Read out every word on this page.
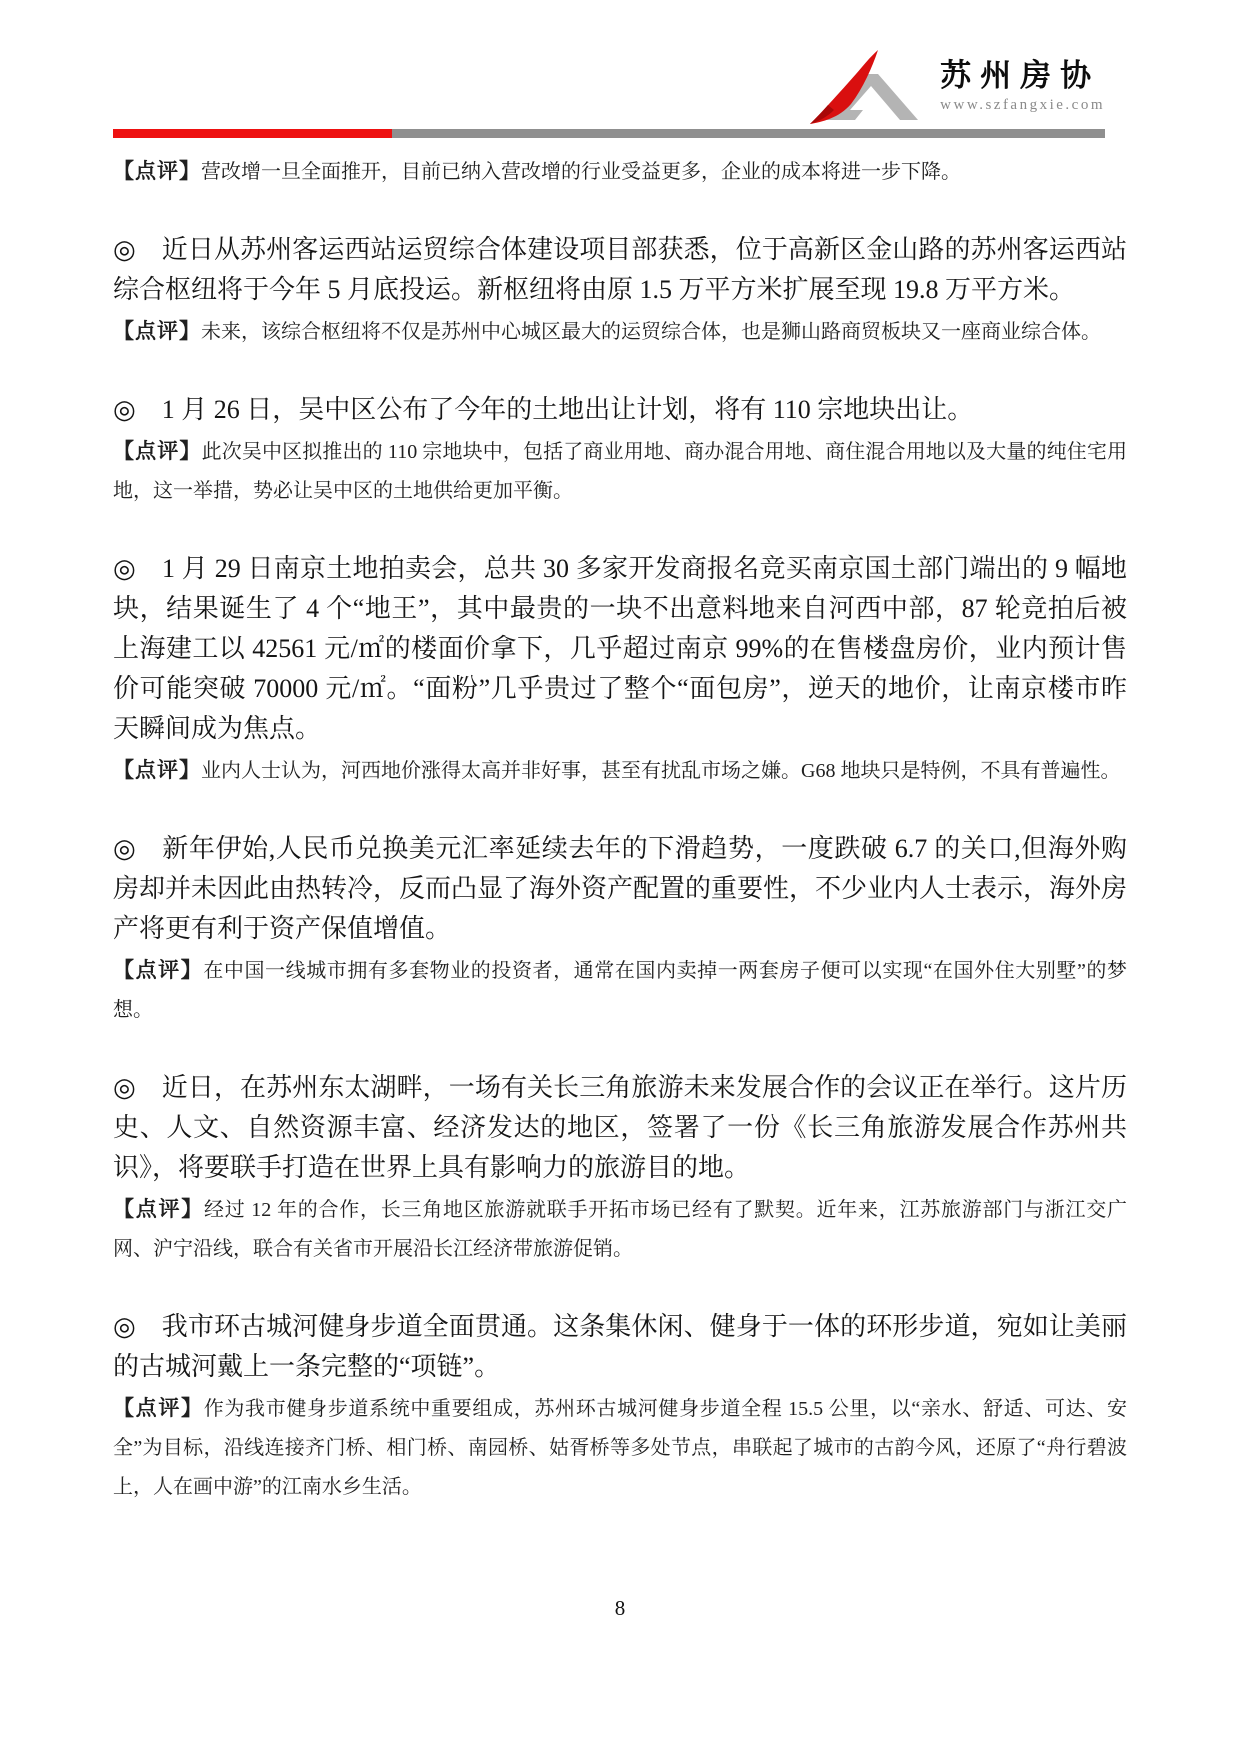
苏州房协
www.szfangxie.com

【点评】营改增一旦全面推开，目前已纳入营改增的行业受益更多，企业的成本将进一步下降。

◎ 近日从苏州客运西站运贸综合体建设项目部获悉，位于高新区金山路的苏州客运西站综合枢纽将于今年 5 月底投运。新枢纽将由原 1.5 万平方米扩展至现 19.8 万平方米。

【点评】未来，该综合枢纽将不仅是苏州中心城区最大的运贸综合体，也是狮山路商贸板块又一座商业综合体。

◎ 1 月 26 日，吴中区公布了今年的土地出让计划，将有 110 宗地块出让。

【点评】此次吴中区拟推出的 110 宗地块中，包括了商业用地、商办混合用地、商住混合用地以及大量的纯住宅用地，这一举措，势必让吴中区的土地供给更加平衡。

◎ 1 月 29 日南京土地拍卖会，总共 30 多家开发商报名竞买南京国土部门端出的 9 幅地块，结果诞生了 4 个“地王”，其中最贵的一块不出意料地来自河西中部，87 轮竞拍后被上海建工以 42561 元/㎡的楼面价拿下，几乎超过南京 99%的在售楼盘房价，业内预计售价可能突破 70000 元/㎡。“面粉”几乎贵过了整个“面包房”，逆天的地价，让南京楼市昨天瞬间成为焦点。

【点评】业内人士认为，河西地价涨得太高并非好事，甚至有扰乱市场之嫌。G68 地块只是特例，不具有普遍性。

◎ 新年伊始,人民币兑换美元汇率延续去年的下滑趋势，一度跌破 6.7 的关口,但海外购房却并未因此由热转冷，反而凸显了海外资产配置的重要性，不少业内人士表示，海外房产将更有利于资产保值增值。

【点评】在中国一线城市拥有多套物业的投资者，通常在国内卖掉一两套房子便可以实现“在国外住大别墅”的梦想。

◎ 近日，在苏州东太湖畔，一场有关长三角旅游未来发展合作的会议正在举行。这片历史、人文、自然资源丰富、经济发达的地区，签署了一份《长三角旅游发展合作苏州共识》，将要联手打造在世界上具有影响力的旅游目的地。

【点评】经过 12 年的合作，长三角地区旅游就联手开拓市场已经有了默契。近年来，江苏旅游部门与浙江交广网、沪宁沿线，联合有关省市开展沿长江经济带旅游促销。

◎ 我市环古城河健身步道全面贯通。这条集休闲、健身于一体的环形步道，宛如让美丽的古城河戴上一条完整的“项链”。

【点评】作为我市健身步道系统中重要组成，苏州环古城河健身步道全程 15.5 公里，以“亲水、舒适、可达、安全”为目标，沿线连接齐门桥、相门桥、南园桥、姑胥桥等多处节点，串联起了城市的古韵今风，还原了“舟行碧波上，人在画中游”的江南水乡生活。

8
